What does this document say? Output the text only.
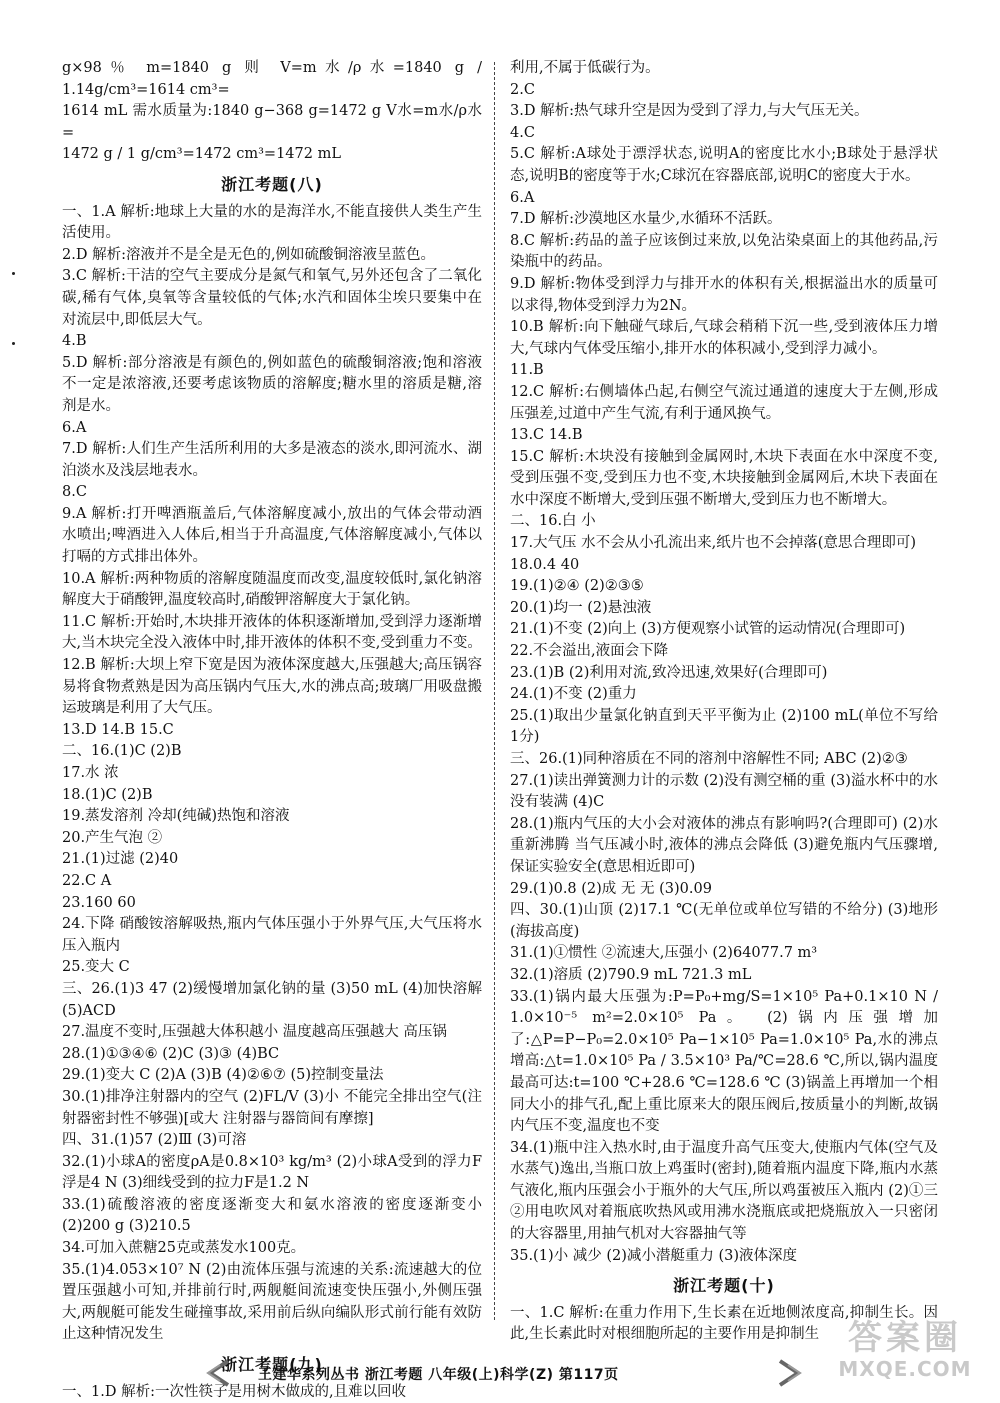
g×98％ m=1840 g 则 V=m水/ρ水=1840 g / 1.14g/cm³=1614 cm³=

1614 mL 需水质量为:1840 g−368 g=1472 g V水=m水/ρ水=

1472 g / 1 g/cm³=1472 cm³=1472 mL

浙江考题(八)

一、1.A 解析:地球上大量的水的是海洋水,不能直接供人类生产生活使用。

2.D 解析:溶液并不是全是无色的,例如硫酸铜溶液呈蓝色。

3.C 解析:干洁的空气主要成分是氮气和氧气,另外还包含了二氧化碳,稀有气体,臭氧等含量较低的气体;水汽和固体尘埃只要集中在对流层中,即低层大气。

4.B

5.D 解析:部分溶液是有颜色的,例如蓝色的硫酸铜溶液;饱和溶液不一定是浓溶液,还要考虑该物质的溶解度;糖水里的溶质是糖,溶剂是水。

6.A

7.D 解析:人们生产生活所利用的大多是液态的淡水,即河流水、湖泊淡水及浅层地表水。

8.C

9.A 解析:打开啤酒瓶盖后,气体溶解度减小,放出的气体会带动酒水喷出;啤酒进入人体后,相当于升高温度,气体溶解度减小,气体以打嗝的方式排出体外。

10.A 解析:两种物质的溶解度随温度而改变,温度较低时,氯化钠溶解度大于硝酸钾,温度较高时,硝酸钾溶解度大于氯化钠。

11.C 解析:开始时,木块排开液体的体积逐渐增加,受到浮力逐渐增大,当木块完全没入液体中时,排开液体的体积不变,受到重力不变。

12.B 解析:大坝上窄下宽是因为液体深度越大,压强越大;高压锅容易将食物煮熟是因为高压锅内气压大,水的沸点高;玻璃厂用吸盘搬运玻璃是利用了大气压。

13.D 14.B 15.C

二、16.(1)C (2)B

17.水 浓

18.(1)C (2)B

19.蒸发溶剂 冷却(纯碱)热饱和溶液

20.产生气泡 ②

21.(1)过滤 (2)40

22.C A

23.160 60

24.下降 硝酸铵溶解吸热,瓶内气体压强小于外界气压,大气压将水压入瓶内

25.变大 C

三、26.(1)3 47 (2)缓慢增加氯化钠的量 (3)50 mL (4)加快溶解 (5)ACD

27.温度不变时,压强越大体积越小 温度越高压强越大 高压锅

28.(1)①③④⑥ (2)C (3)③ (4)BC

29.(1)变大 C (2)A (3)B (4)②⑥⑦ (5)控制变量法

30.(1)排净注射器内的空气 (2)FL/V (3)小 不能完全排出空气(注射器密封性不够强)[或大 注射器与器筒间有摩擦]

四、31.(1)57 (2)Ⅲ (3)可溶

32.(1)小球A的密度ρA是0.8×10³ kg/m³ (2)小球A受到的浮力F浮是4 N (3)细线受到的拉力F是1.2 N

33.(1)硫酸溶液的密度逐渐变大和氨水溶液的密度逐渐变小 (2)200 g (3)210.5

34.可加入蔗糖25克或蒸发水100克。

35.(1)4.053×10⁷ N (2)由流体压强与流速的关系:流速越大的位置压强越小可知,并排前行时,两舰艇间流速变快压强小,外侧压强大,两舰艇可能发生碰撞事故,采用前后纵向编队形式前行能有效防止这种情况发生

浙江考题(九)

一、1.D 解析:一次性筷子是用树木做成的,且难以回收

利用,不属于低碳行为。

2.C

3.D 解析:热气球升空是因为受到了浮力,与大气压无关。

4.C

5.C 解析:A球处于漂浮状态,说明A的密度比水小;B球处于悬浮状态,说明B的密度等于水;C球沉在容器底部,说明C的密度大于水。

6.A

7.D 解析:沙漠地区水量少,水循环不活跃。

8.C 解析:药品的盖子应该倒过来放,以免沾染桌面上的其他药品,污染瓶中的药品。

9.D 解析:物体受到浮力与排开水的体积有关,根据溢出水的质量可以求得,物体受到浮力为2N。

10.B 解析:向下触碰气球后,气球会稍稍下沉一些,受到液体压力增大,气球内气体受压缩小,排开水的体积减小,受到浮力减小。

11.B

12.C 解析:右侧墙体凸起,右侧空气流过通道的速度大于左侧,形成压强差,过道中产生气流,有利于通风换气。

13.C 14.B

15.C 解析:木块没有接触到金属网时,木块下表面在水中深度不变,受到压强不变,受到压力也不变,木块接触到金属网后,木块下表面在水中深度不断增大,受到压强不断增大,受到压力也不断增大。

二、16.白 小

17.大气压 水不会从小孔流出来,纸片也不会掉落(意思合理即可)

18.0.4 40

19.(1)②④ (2)②③⑤

20.(1)均一 (2)悬浊液

21.(1)不变 (2)向上 (3)方便观察小试管的运动情况(合理即可)

22.不会溢出,液面会下降

23.(1)B (2)利用对流,致冷迅速,效果好(合理即可)

24.(1)不变 (2)重力

25.(1)取出少量氯化钠直到天平平衡为止 (2)100 mL(单位不写给1分)

三、26.(1)同种溶质在不同的溶剂中溶解性不同; ABC (2)②③

27.(1)读出弹簧测力计的示数 (2)没有测空桶的重 (3)溢水杯中的水没有装满 (4)C

28.(1)瓶内气压的大小会对液体的沸点有影响吗?(合理即可) (2)水重新沸腾 当气压减小时,液体的沸点会降低 (3)避免瓶内气压骤增,保证实验安全(意思相近即可)

29.(1)0.8 (2)成 无 无 (3)0.09

四、30.(1)山顶 (2)17.1 ℃(无单位或单位写错的不给分) (3)地形(海拔高度)

31.(1)①惯性 ②流速大,压强小 (2)64077.7 m³

32.(1)溶质 (2)790.9 mL 721.3 mL

33.(1)锅内最大压强为:P=P₀+mg/S=1×10⁵ Pa+0.1×10 N / 1.0×10⁻⁵ m²=2.0×10⁵ Pa。 (2)锅内压强增加了:△P=P−P₀=2.0×10⁵ Pa−1×10⁵ Pa=1.0×10⁵ Pa,水的沸点增高:△t=1.0×10⁵ Pa / 3.5×10³ Pa/℃=28.6 ℃,所以,锅内温度最高可达:t=100 ℃+28.6 ℃=128.6 ℃ (3)锅盖上再增加一个相同大小的排气孔,配上重比原来大的限压阀后,按质量小的判断,故锅内气压不变,温度也不变

34.(1)瓶中注入热水时,由于温度升高气压变大,使瓶内气体(空气及水蒸气)逸出,当瓶口放上鸡蛋时(密封),随着瓶内温度下降,瓶内水蒸气液化,瓶内压强会小于瓶外的大气压,所以鸡蛋被压入瓶内 (2)①三 ②用电吹风对着瓶底吹热风或用沸水浇瓶底或把烧瓶放入一只密闭的大容器里,用抽气机对大容器抽气等

35.(1)小 减少 (2)减小潜艇重力 (3)液体深度

浙江考题(十)

一、1.C 解析:在重力作用下,生长素在近地侧浓度高,抑制生长。因此,生长素此时对根细胞所起的主要作用是抑制生

王建华系列丛书 浙江考题 八年级(上)科学(Z) 第117页
答案圈
MXQE.COM
